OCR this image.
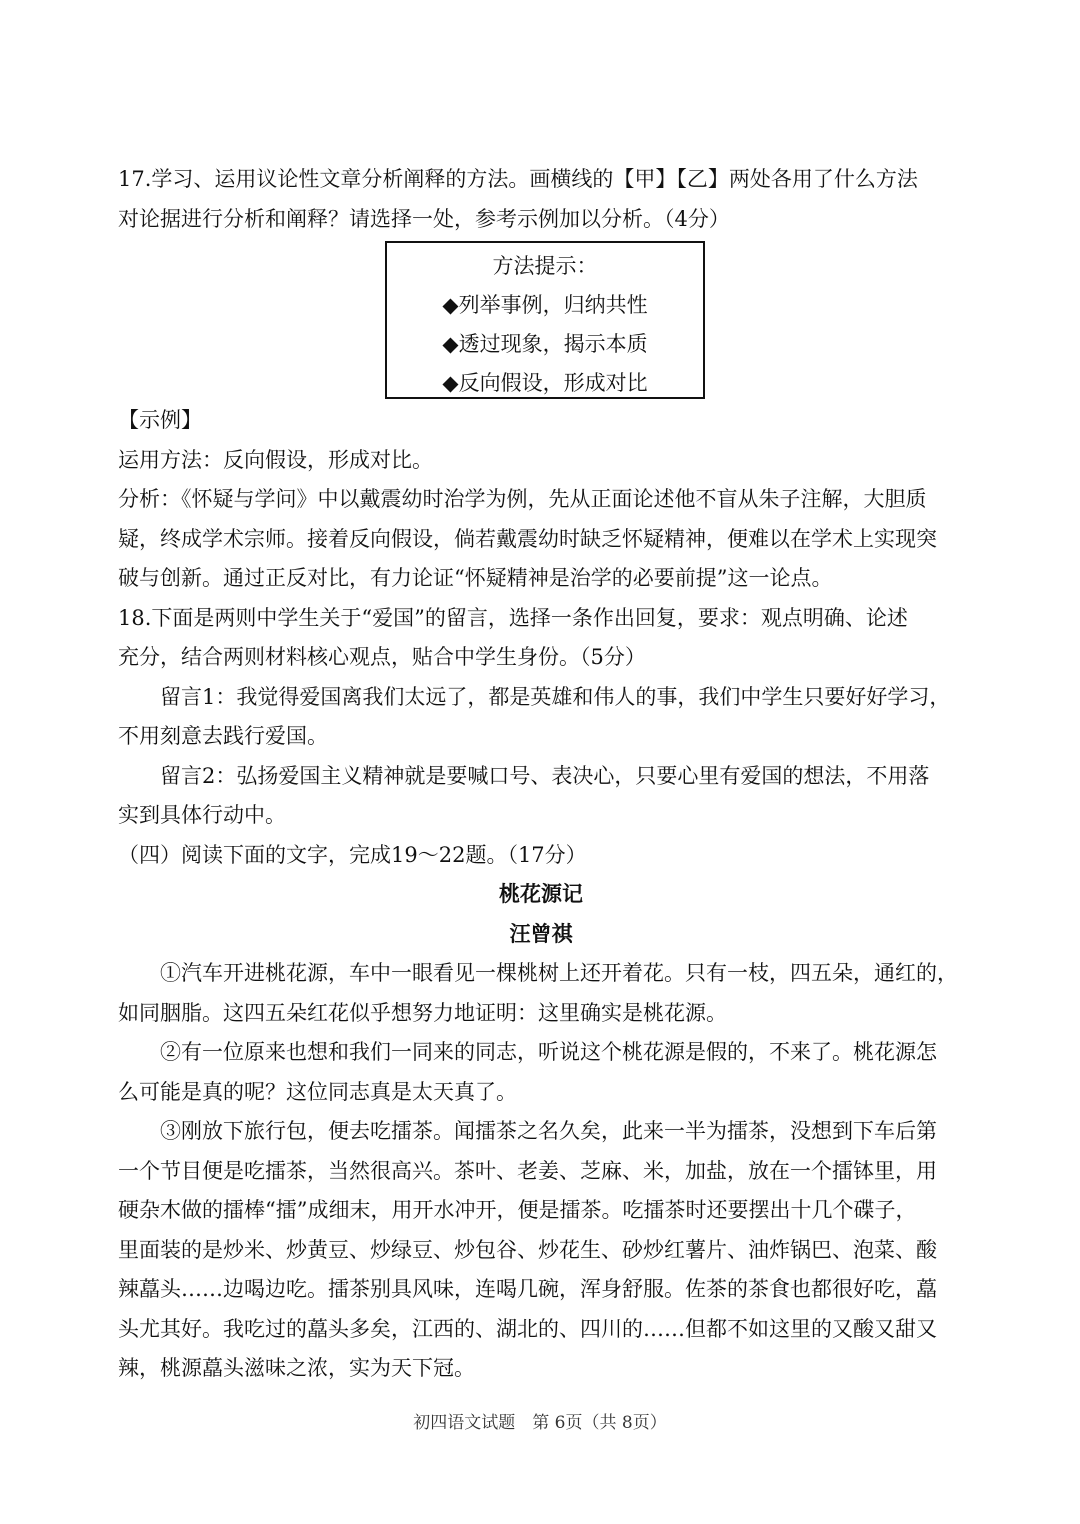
17.学习、运用议论性文章分析阐释的方法。画横线的【甲】【乙】两处各用了什么方法
对论据进行分析和阐释？请选择一处，参考示例加以分析。（4分）
方法提示：
◆列举事例，归纳共性
◆透过现象，揭示本质
◆反向假设，形成对比
【示例】
运用方法：反向假设，形成对比。
分析：《怀疑与学问》中以戴震幼时治学为例，先从正面论述他不盲从朱子注解，大胆质
疑，终成学术宗师。接着反向假设，倘若戴震幼时缺乏怀疑精神，便难以在学术上实现突
破与创新。通过正反对比，有力论证“怀疑精神是治学的必要前提”这一论点。
18.下面是两则中学生关于“爱国”的留言，选择一条作出回复，要求：观点明确、论述
充分，结合两则材料核心观点，贴合中学生身份。（5分）
留言1：我觉得爱国离我们太远了，都是英雄和伟人的事，我们中学生只要好好学习，
不用刻意去践行爱国。
留言2：弘扬爱国主义精神就是要喊口号、表决心，只要心里有爱国的想法，不用落
实到具体行动中。
（四）阅读下面的文字，完成19～22题。（17分）
桃花源记
汪曾祺
①汽车开进桃花源，车中一眼看见一棵桃树上还开着花。只有一枝，四五朵，通红的，
如同胭脂。这四五朵红花似乎想努力地证明：这里确实是桃花源。
②有一位原来也想和我们一同来的同志，听说这个桃花源是假的，不来了。桃花源怎
么可能是真的呢？这位同志真是太天真了。
③刚放下旅行包，便去吃擂茶。闻擂茶之名久矣，此来一半为擂茶，没想到下车后第
一个节目便是吃擂茶，当然很高兴。茶叶、老姜、芝麻、米，加盐，放在一个擂钵里，用
硬杂木做的擂棒“擂”成细末，用开水冲开，便是擂茶。吃擂茶时还要摆出十几个碟子，
里面装的是炒米、炒黄豆、炒绿豆、炒包谷、炒花生、砂炒红薯片、油炸锅巴、泡菜、酸
辣藠头……边喝边吃。擂茶别具风味，连喝几碗，浑身舒服。佐茶的茶食也都很好吃，藠
头尤其好。我吃过的藠头多矣，江西的、湖北的、四川的……但都不如这里的又酸又甜又
辣，桃源藠头滋味之浓，实为天下冠。
初四语文试题　第 6页（共 8页）
